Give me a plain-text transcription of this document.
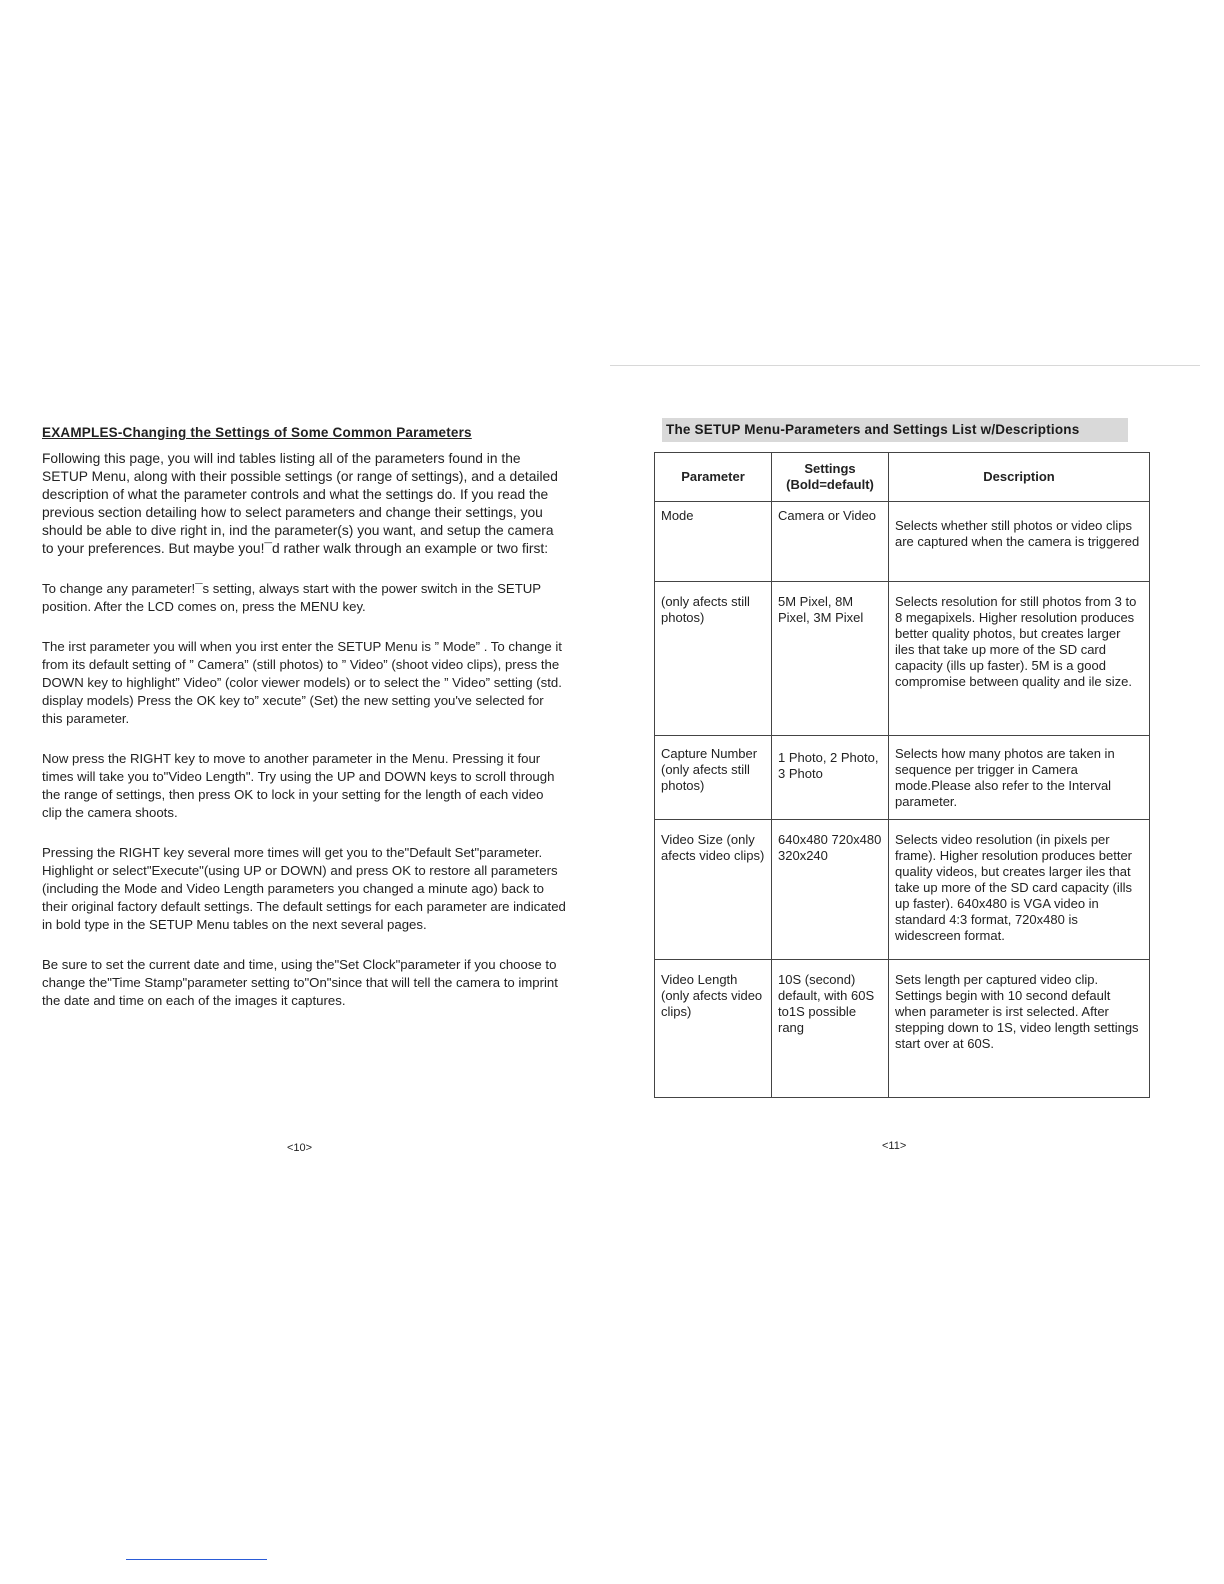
EXAMPLES-Changing the Settings of Some Common Parameters

Following this page, you will ind tables listing all of the parameters found in the SETUP Menu, along with their possible settings (or range of settings), and a detailed description of what the parameter controls and what the settings do. If you read the previous section detailing how to select parameters and change their settings, you should be able to dive right in, ind the parameter(s) you want, and setup the camera to your preferences. But maybe you!¯d rather walk through an example or two first:

To change any parameter!¯s setting, always start with the power switch in the SETUP position. After the LCD comes on, press the MENU key.

The irst parameter you will when you irst enter the SETUP Menu is ” Mode” . To change it from its default setting of ” Camera” (still photos) to ” Video” (shoot video clips), press the DOWN key to highlight” Video” (color viewer models) or to select the ” Video” setting (std. display models) Press the OK key to” xecute” (Set) the new setting you've selected for this parameter.

Now press the RIGHT key to move to another parameter in the Menu. Pressing it four times will take you to"Video Length". Try using the UP and DOWN keys to scroll through the range of settings, then press OK to lock in your setting for the length of each video clip the camera shoots.

Pressing the RIGHT key several more times will get you to the"Default Set"parameter. Highlight or select"Execute"(using UP or DOWN) and press OK to restore all parameters (including the Mode and Video Length parameters you changed a minute ago) back to their original factory default settings. The default settings for each parameter are indicated in bold type in the SETUP Menu tables on the next several pages.

Be sure to set the current date and time, using the"Set Clock"parameter if you choose to change the"Time Stamp"parameter setting to"On"since that will tell the camera to imprint the date and time on each of the images it captures.

<10>
The SETUP Menu-Parameters and Settings List w/Descriptions
Parameter	Settings (Bold=default)	Description
Mode	Camera or Video	Selects whether still photos or video clips are captured when the camera is triggered
(only afects still photos)	5M Pixel, 8M Pixel, 3M Pixel	Selects resolution for still photos from 3 to 8 megapixels. Higher resolution produces better quality photos, but creates larger iles that take up more of the SD card capacity (ills up faster). 5M is a good compromise between quality and ile size.
Capture Number (only afects still photos)	1 Photo, 2 Photo, 3 Photo	Selects how many photos are taken in sequence per trigger in Camera mode.Please also refer to the Interval parameter.
Video Size (only afects video clips)	640x480 720x480 320x240	Selects video resolution (in pixels per frame). Higher resolution produces better quality videos, but creates larger iles that take up more of the SD card capacity (ills up faster). 640x480 is VGA video in standard 4:3 format, 720x480 is widescreen format.
Video Length (only afects video clips)	10S (second) default, with 60S to1S possible rang	Sets length per captured video clip. Settings begin with 10 second default when parameter is irst selected. After stepping down to 1S, video length settings start over at 60S.
<11>
